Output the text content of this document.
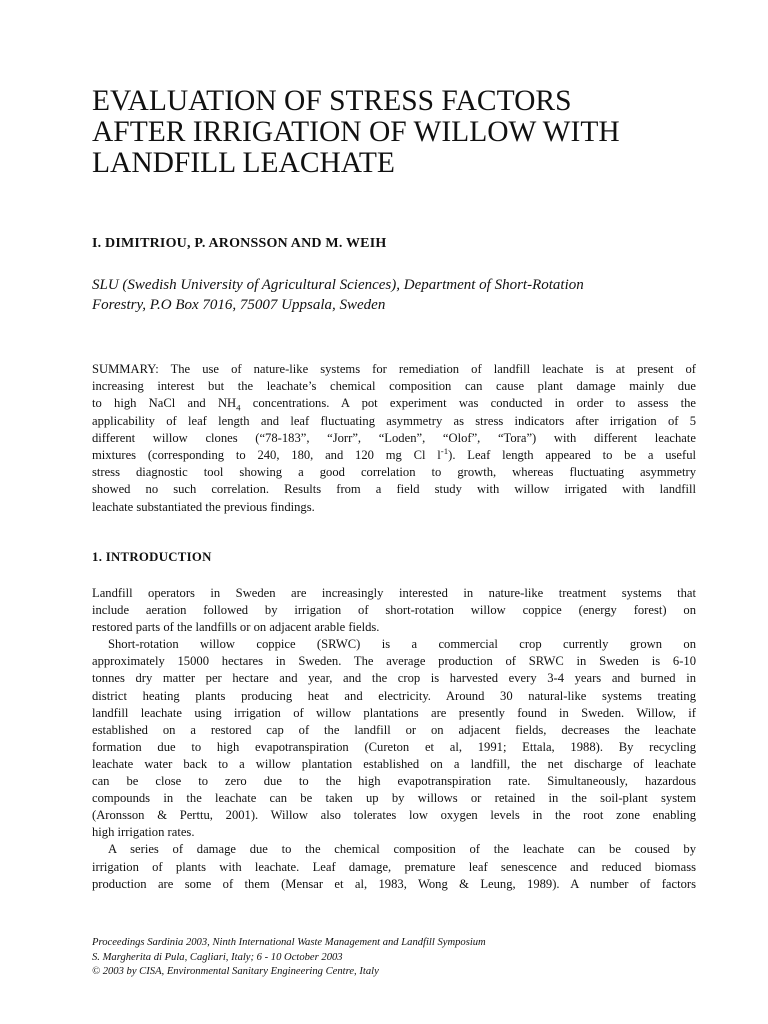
EVALUATION OF STRESS FACTORS
AFTER IRRIGATION OF WILLOW WITH
LANDFILL LEACHATE
I. DIMITRIOU, P. ARONSSON AND M. WEIH
SLU (Swedish University of Agricultural Sciences), Department of Short-Rotation
Forestry, P.O Box 7016, 75007 Uppsala, Sweden
SUMMARY: The use of nature-like systems for remediation of landfill leachate is at present of
increasing interest but the leachate’s chemical composition can cause plant damage mainly due
to high NaCl and $NH_4$ concentrations. A pot experiment was conducted in order to assess the
applicability of leaf length and leaf fluctuating asymmetry as stress indicators after irrigation of 5
different willow clones (“78-183”, “Jorr”, “Loden”, “Olof”, “Tora”) with different leachate
mixtures (corresponding to 240, 180, and 120 mg Cl $l^{-1}$). Leaf length appeared to be a useful
stress diagnostic tool showing a good correlation to growth, whereas fluctuating asymmetry
showed no such correlation. Results from a field study with willow irrigated with landfill
leachate substantiated the previous findings.
1. INTRODUCTION
Landfill operators in Sweden are increasingly interested in nature-like treatment systems that
include aeration followed by irrigation of short-rotation willow coppice (energy forest) on
restored parts of the landfills or on adjacent arable fields.
Short-rotation willow coppice (SRWC) is a commercial crop currently grown on
approximately 15000 hectares in Sweden. The average production of SRWC in Sweden is 6-10
tonnes dry matter per hectare and year, and the crop is harvested every 3-4 years and burned in
district heating plants producing heat and electricity. Around 30 natural-like systems treating
landfill leachate using irrigation of willow plantations are presently found in Sweden. Willow, if
established on a restored cap of the landfill or on adjacent fields, decreases the leachate
formation due to high evapotranspiration (Cureton et al, 1991; Ettala, 1988). By recycling
leachate water back to a willow plantation established on a landfill, the net discharge of leachate
can be close to zero due to the high evapotranspiration rate. Simultaneously, hazardous
compounds in the leachate can be taken up by willows or retained in the soil-plant system
(Aronsson & Perttu, 2001). Willow also tolerates low oxygen levels in the root zone enabling
high irrigation rates.
A series of damage due to the chemical composition of the leachate can be coused by
irrigation of plants with leachate. Leaf damage, premature leaf senescence and reduced biomass
production are some of them (Mensar et al, 1983, Wong & Leung, 1989). A number of factors
Proceedings Sardinia 2003, Ninth International Waste Management and Landfill Symposium
S. Margherita di Pula, Cagliari, Italy; 6 - 10 October 2003
© 2003 by CISA, Environmental Sanitary Engineering Centre, Italy
